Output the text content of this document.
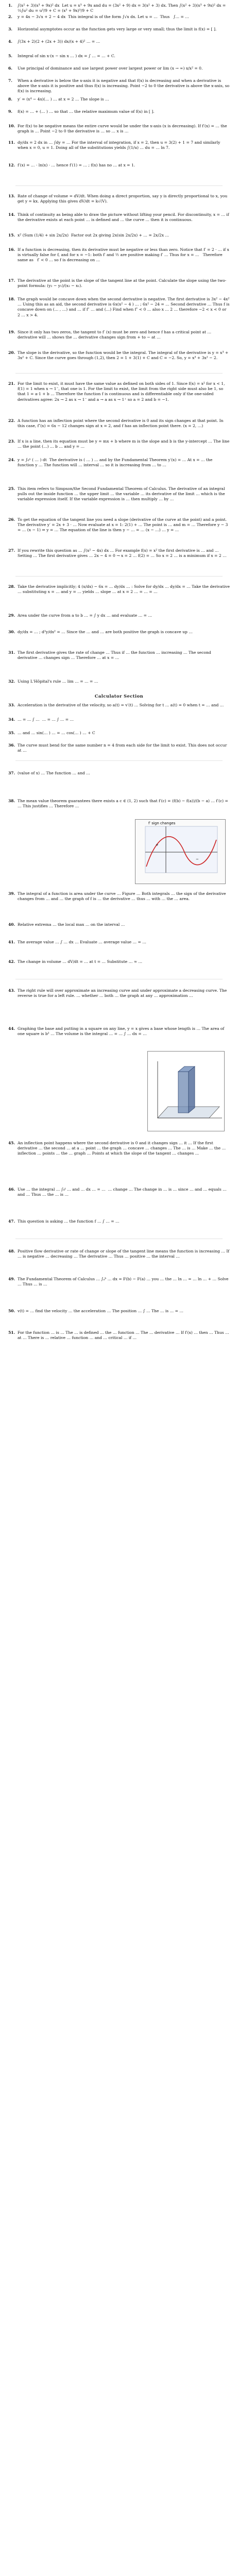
1.	∫(x² + 3)(x³ + 9x)² dx  Let u = x³ + 9x and du = (3x² + 9) dx = 3(x² + 3) dx. Then ∫(x² + 3)(x³ + 9x)² dx = ⅓∫u² du = u³/9 + C = (x³ + 9x)³/9 + C
2.	y = 4x − 3√x + 2 − 4 dx  This integral is of the form ∫√x dx. Let u = …  Thus   ∫… = …
3.	Horizontal asymptotes occur as the function gets very large or very small; thus the limit is f(x) = [ ].
4.	∫(3x + 2)(2 + (2x + 3)) dx/(x + 4)² … = …
5.	Integral of sin x·(x − sin x … ) dx = ∫ … = … + C.
6.	Use principal of dominance and use largest power over largest power or lim (x → ∞) x/x² = 0.
7.	When a derivative is below the x-axis it is negative and that f(x) is decreasing and when a derivative is above the x-axis it is positive and thus f(x) is increasing. Point −2 to 0 the derivative is above the x-axis, so f(x) is increasing.
8.	y′ = (x⁴ − 4x)(… ) … at x = 2 … The slope is …
9.	f(x) = … + (… ) … so that … the relative maximum value of f(x) in [ ].
10. For f(x) to be negative means the entire curve would be under the x-axis (x is decreasing). If f′(x) = … the graph is … Point −2 to 0 the derivative is … so … x is …
11. dy/dx = 2 dx in … ∫dy = … For the interval of integration, if x = 2, then u = 3(2) + 1 = 7 and similarly when x = 0, u = 1. Doing all of the substitutions yields ∫(1/u) … du = … ln 7.
12. f′(x) = … · ln(x) · … hence f′(1) = … ; f(x) has no … at x = 1.
13. Rate of change of volume = dV/dt. When doing a direct proportion, say y is directly proportional to x, you get y = kx. Applying this gives dV/dt = k√(V).
14. Think of continuity as being able to draw the picture without lifting your pencil. For discontinuity, x = … if the derivative exists at each point … is defined and … the curve … then it is continuous.
15. x² (Sum (1/4) + sin 2x/2x)  Factor out 2x giving 2x(sin 2x/2x) + … = 2x/2x …
16. If a function is decreasing, then its derivative must be negative or less than zero. Notice that f′ = 2 · … if x is virtually false for f, and for x = −1: both f′ and ½ are positive making f′ … Thus for x = …   Therefore    same as   f′ < 0 … so f is decreasing on …
17. The derivative at the point is the slope of the tangent line at the point. Calculate the slope using the two-point formula: (y₂ − y₁)/(x₂ − x₁).
18. The graph would be concave down when the second derivative is negative. The first derivative is 3x² − 4x² … Using this as an aid, the second derivative is 6x(x² − 4 ) … ; 6x² − 24 = … Second derivative … Thus f is concave down on (… , …) and … if f″ … and (…) Find when f″ < 0 … also x … 2 … therefore −2 < x < 0 or 2 … x > 4.
19. Since it only has two zeros, the tangent to f′ (x) must be zero and hence f has a critical point at … derivative will … shows the … derivative changes sign from + to − at …
20. The slope is the derivative, so the function would be the integral. The integral of the derivative is y = x³ + 3x² + C. Since the curve goes through (1,2), then 2 = 1 + 3(1) + C and C = −2. So, y = x³ + 3x² − 2.
21. For the limit to exist, it must have the same value as defined on both sides of 1. Since f(x) = x² for x < 1, f(1) = 1 when x → 1⁻, that one is 1. For the limit to exist, the limit from the right side must also be 1, so that 1 = a·1 + b … Therefore the function f is continuous and is differentiable only if the one-sided derivatives agree: 2x → 2 as x → 1⁻ and a → a as x → 1⁺ so a = 2 and b = −1.
22. A function has an inflection point where the second derivative is 0 and its sign changes at that point. In this case, f″(x) = 6x − 12 changes sign at x = 2, and f has an inflection point there. (x = 2, …)
23. If x is a line, then its equation must be y = mx + b where m is the slope and b is the y-intercept … The line … the point (…) … b … and y = …
24. y = ∫₀ˣ ( … ) dt  The derivative is ( … ) … and by the Fundamental Theorem y′(x) = … At x = … the function y … The function will … interval … so it is increasing from … to …
25. This item refers to Simpson/the Second Fundamental Theorem of Calculus. The derivative of an integral pulls out the inside function … the upper limit … the variable … its derivative of the limit … which is the variable expression itself. If the variable expression is … then multiply … by …
26. To get the equation of the tangent line you need a slope (derivative of the curve at the point) and a point. The derivative y′ = 2x + 3 · … Now evaluate at x = 1: 2(1) + … The point is … and m = … Therefore y − 3 = … (x − 1) ⇒ y = … The equation of the line is then y − … = … (x − …) … y = …
27. If you rewrite this question as … ∫(x² − 4x) dx … For example f(x) = x² the first derivative is … and … Setting … The first derivative gives … 2x − 4 = 0 → x = 2 … f(2) = … So x = 2 … is a minimum if x = 2 …
28. Take the derivative implicitly; 4 (x/dx) − 6x = … dy/dx … : Solve for dy/dx … dy/dx = … Take the derivative … substituting x = … and y = … yields … slope … at x = 2 … = … = …
29. Area under the curve from a to b … = ∫ y dx … and evaluate … = …
30. dy/dx = … ; d²y/dx² = … Since the … and … are both positive the graph is concave up …
31. The first derivative gives the rate of change … Thus if … the function … increasing … The second derivative … changes sign … Therefore … at x = …
32. Using L'Hôpital's rule … lim … = … = …
Calculator Section
33. Acceleration is the derivative of the velocity, so a(t) = v′(t) … Solving for t … a(t) = 0 when t = … and …
34. … = … ∫ …  … = … ∫ … = …
35. … and … sin(… ) … = … cos(… ) … + C
36. The curve must bend for the same number n = 4 from each side for the limit to exist. This does not occur at …
37. (value of x) … The function … and …
38. The mean value theorem guarantees there exists a c ∈ (1, 2) such that f′(c) = (f(b) − f(a))/(b − a) … f′(c) = … This justifies … Therefore …
f′ sign changes
+
−
39. The integral of a function is area under the curve … Figure … Both integrals … the sign of the derivative changes from … and … the graph of f is … the derivative … thus … with … the … area.
40. Relative extrema … the local max … on the interval …
41. The average value … ∫ … dx … Evaluate … average value … = …
42. The change in volume … dV/dt = … at t = … Substitute … ≈ …
43. The right rule will over approximate an increasing curve and under approximate a decreasing curve. The reverse is true for a left rule. … whether … both … the graph at any … approximation …
44. Graphing the base and putting in a square on any line, y = x gives a base whose length is … The area of one square is b² … The volume is the integral … = … ∫ … dx = …
45. An inflection point happens where the second derivative is 0 and it changes sign … it … If the first derivative … the second … at a … point … the graph … concave … changes … The … is … Make … the … inflection … points … the … graph … Points at which the slope of the tangent … changes …
46. Use … the integral … ∫₀ᵗ … and … dx … = …  … change … The change in … is … since … and … equals … and … Thus … the … is …
47. This question is asking … the function f … ∫ … = …
48. Positive flow derivative or rate of change or slope of the tangent line means the function is increasing … If … is negative … decreasing … The derivative … Thus … positive … the interval …
49. The Fundamental Theorem of Calculus … ∫ₐᵇ … dx = F(b) − F(a) … you … the … ln … = … ln … + … Solve … Thus … is …
50. v(t) = … find the velocity … the acceleration … The position … ∫ … The … is … = …
51. For the function … is … The … is defined … the … function … The … derivative … If f′(x) … then … Thus … at … There is … relative … function … and … critical … if …
